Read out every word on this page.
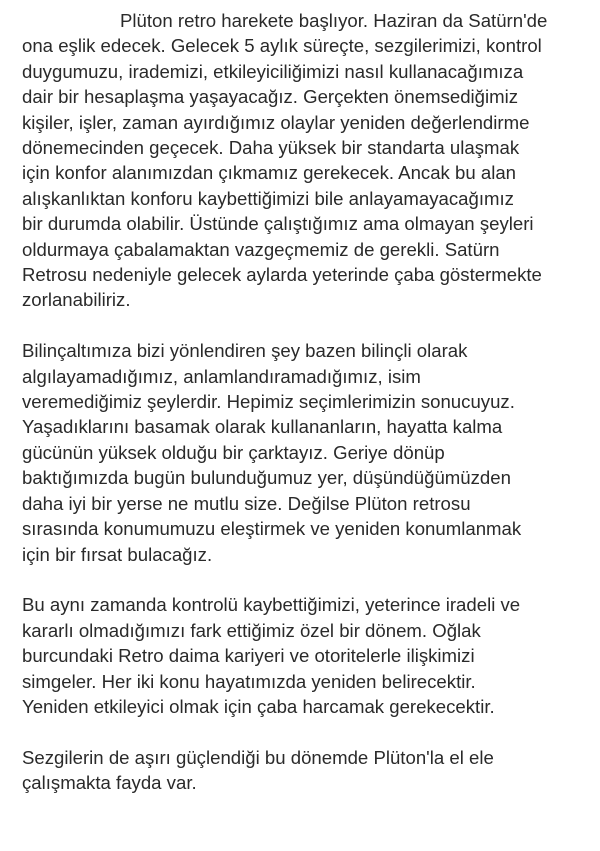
Plüton retro harekete başlıyor. Haziran da Satürn'de
ona eşlik edecek. Gelecek 5 aylık süreçte, sezgilerimizi, kontrol
duygumuzu, irademizi, etkileyiciliğimizi nasıl kullanacağımıza
dair bir hesaplaşma yaşayacağız. Gerçekten önemsediğimiz
kişiler, işler, zaman ayırdığımız olaylar yeniden değerlendirme
dönemecinden geçecek. Daha yüksek bir standarta ulaşmak
için konfor alanımızdan çıkmamız gerekecek. Ancak bu alan
alışkanlıktan konforu kaybettiğimizi bile anlayamayacağımız
bir durumda olabilir. Üstünde çalıştığımız ama olmayan şeyleri
oldurmaya çabalamaktan vazgeçmemiz de gerekli. Satürn
Retrosu nedeniyle gelecek aylarda yeterinde çaba göstermekte
zorlanabiliriz.

Bilinçaltımıza bizi yönlendiren şey bazen bilinçli olarak
algılayamadığımız, anlamlandıramadığımız, isim
veremediğimiz şeylerdir. Hepimiz seçimlerimizin sonucuyuz.
Yaşadıklarını basamak olarak kullananların, hayatta kalma
gücünün yüksek olduğu bir çarktayız. Geriye dönüp
baktığımızda bugün bulunduğumuz yer, düşündüğümüzden
daha iyi bir yerse ne mutlu size. Değilse Plüton retrosu
sırasında konumumuzu eleştirmek ve yeniden konumlanmak
için bir fırsat bulacağız.

Bu aynı zamanda kontrolü kaybettiğimizi, yeterince iradeli ve
kararlı olmadığımızı fark ettiğimiz özel bir dönem. Oğlak
burcundaki Retro daima kariyeri ve otoritelerle ilişkimizi
simgeler. Her iki konu hayatımızda yeniden belirecektir.
Yeniden etkileyici olmak için çaba harcamak gerekecektir.

Sezgilerin de aşırı güçlendiği bu dönemde Plüton'la el ele
çalışmakta fayda var.
